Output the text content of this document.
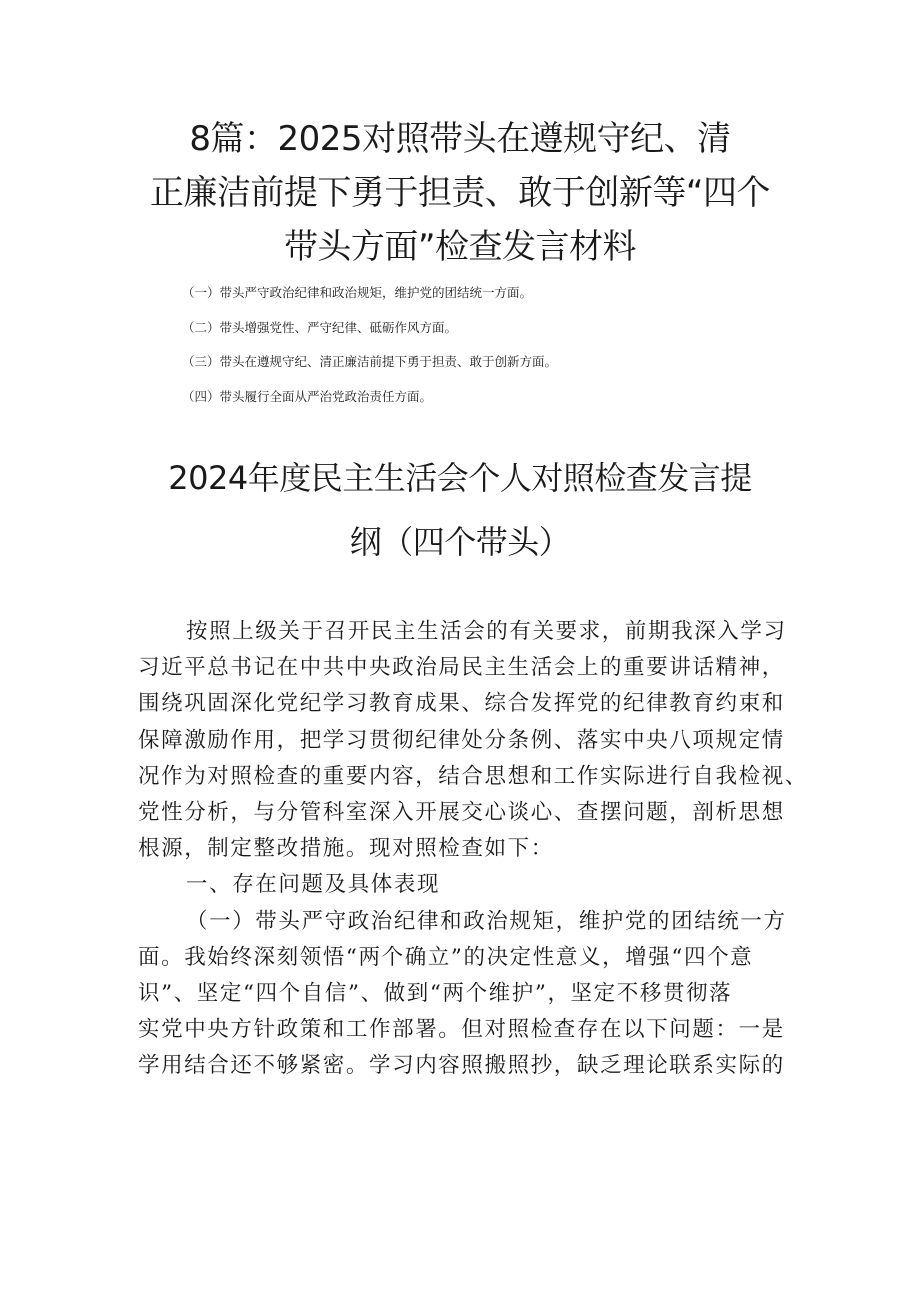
8篇：2025对照带头在遵规守纪、清
正廉洁前提下勇于担责、敢于创新等“四个
带头方面”检查发言材料
（一）带头严守政治纪律和政治规矩，维护党的团结统一方面。
（二）带头增强党性、严守纪律、砥砺作风方面。
（三）带头在遵规守纪、清正廉洁前提下勇于担责、敢于创新方面。
（四）带头履行全面从严治党政治责任方面。
2024年度民主生活会个人对照检查发言提
纲（四个带头）
按照上级关于召开民主生活会的有关要求，前期我深入学习
习近平总书记在中共中央政治局民主生活会上的重要讲话精神，
围绕巩固深化党纪学习教育成果、综合发挥党的纪律教育约束和
保障激励作用，把学习贯彻纪律处分条例、落实中央八项规定情
况作为对照检查的重要内容，结合思想和工作实际进行自我检视、
党性分析，与分管科室深入开展交心谈心、查摆问题，剖析思想
根源，制定整改措施。现对照检查如下：
一、存在问题及具体表现
（一）带头严守政治纪律和政治规矩，维护党的团结统一方
面。我始终深刻领悟“两个确立”的决定性意义，增强“四个意
识”、坚定“四个自信”、做到“两个维护”，坚定不移贯彻落
实党中央方针政策和工作部署。但对照检查存在以下问题：一是
学用结合还不够紧密。学习内容照搬照抄，缺乏理论联系实际的
